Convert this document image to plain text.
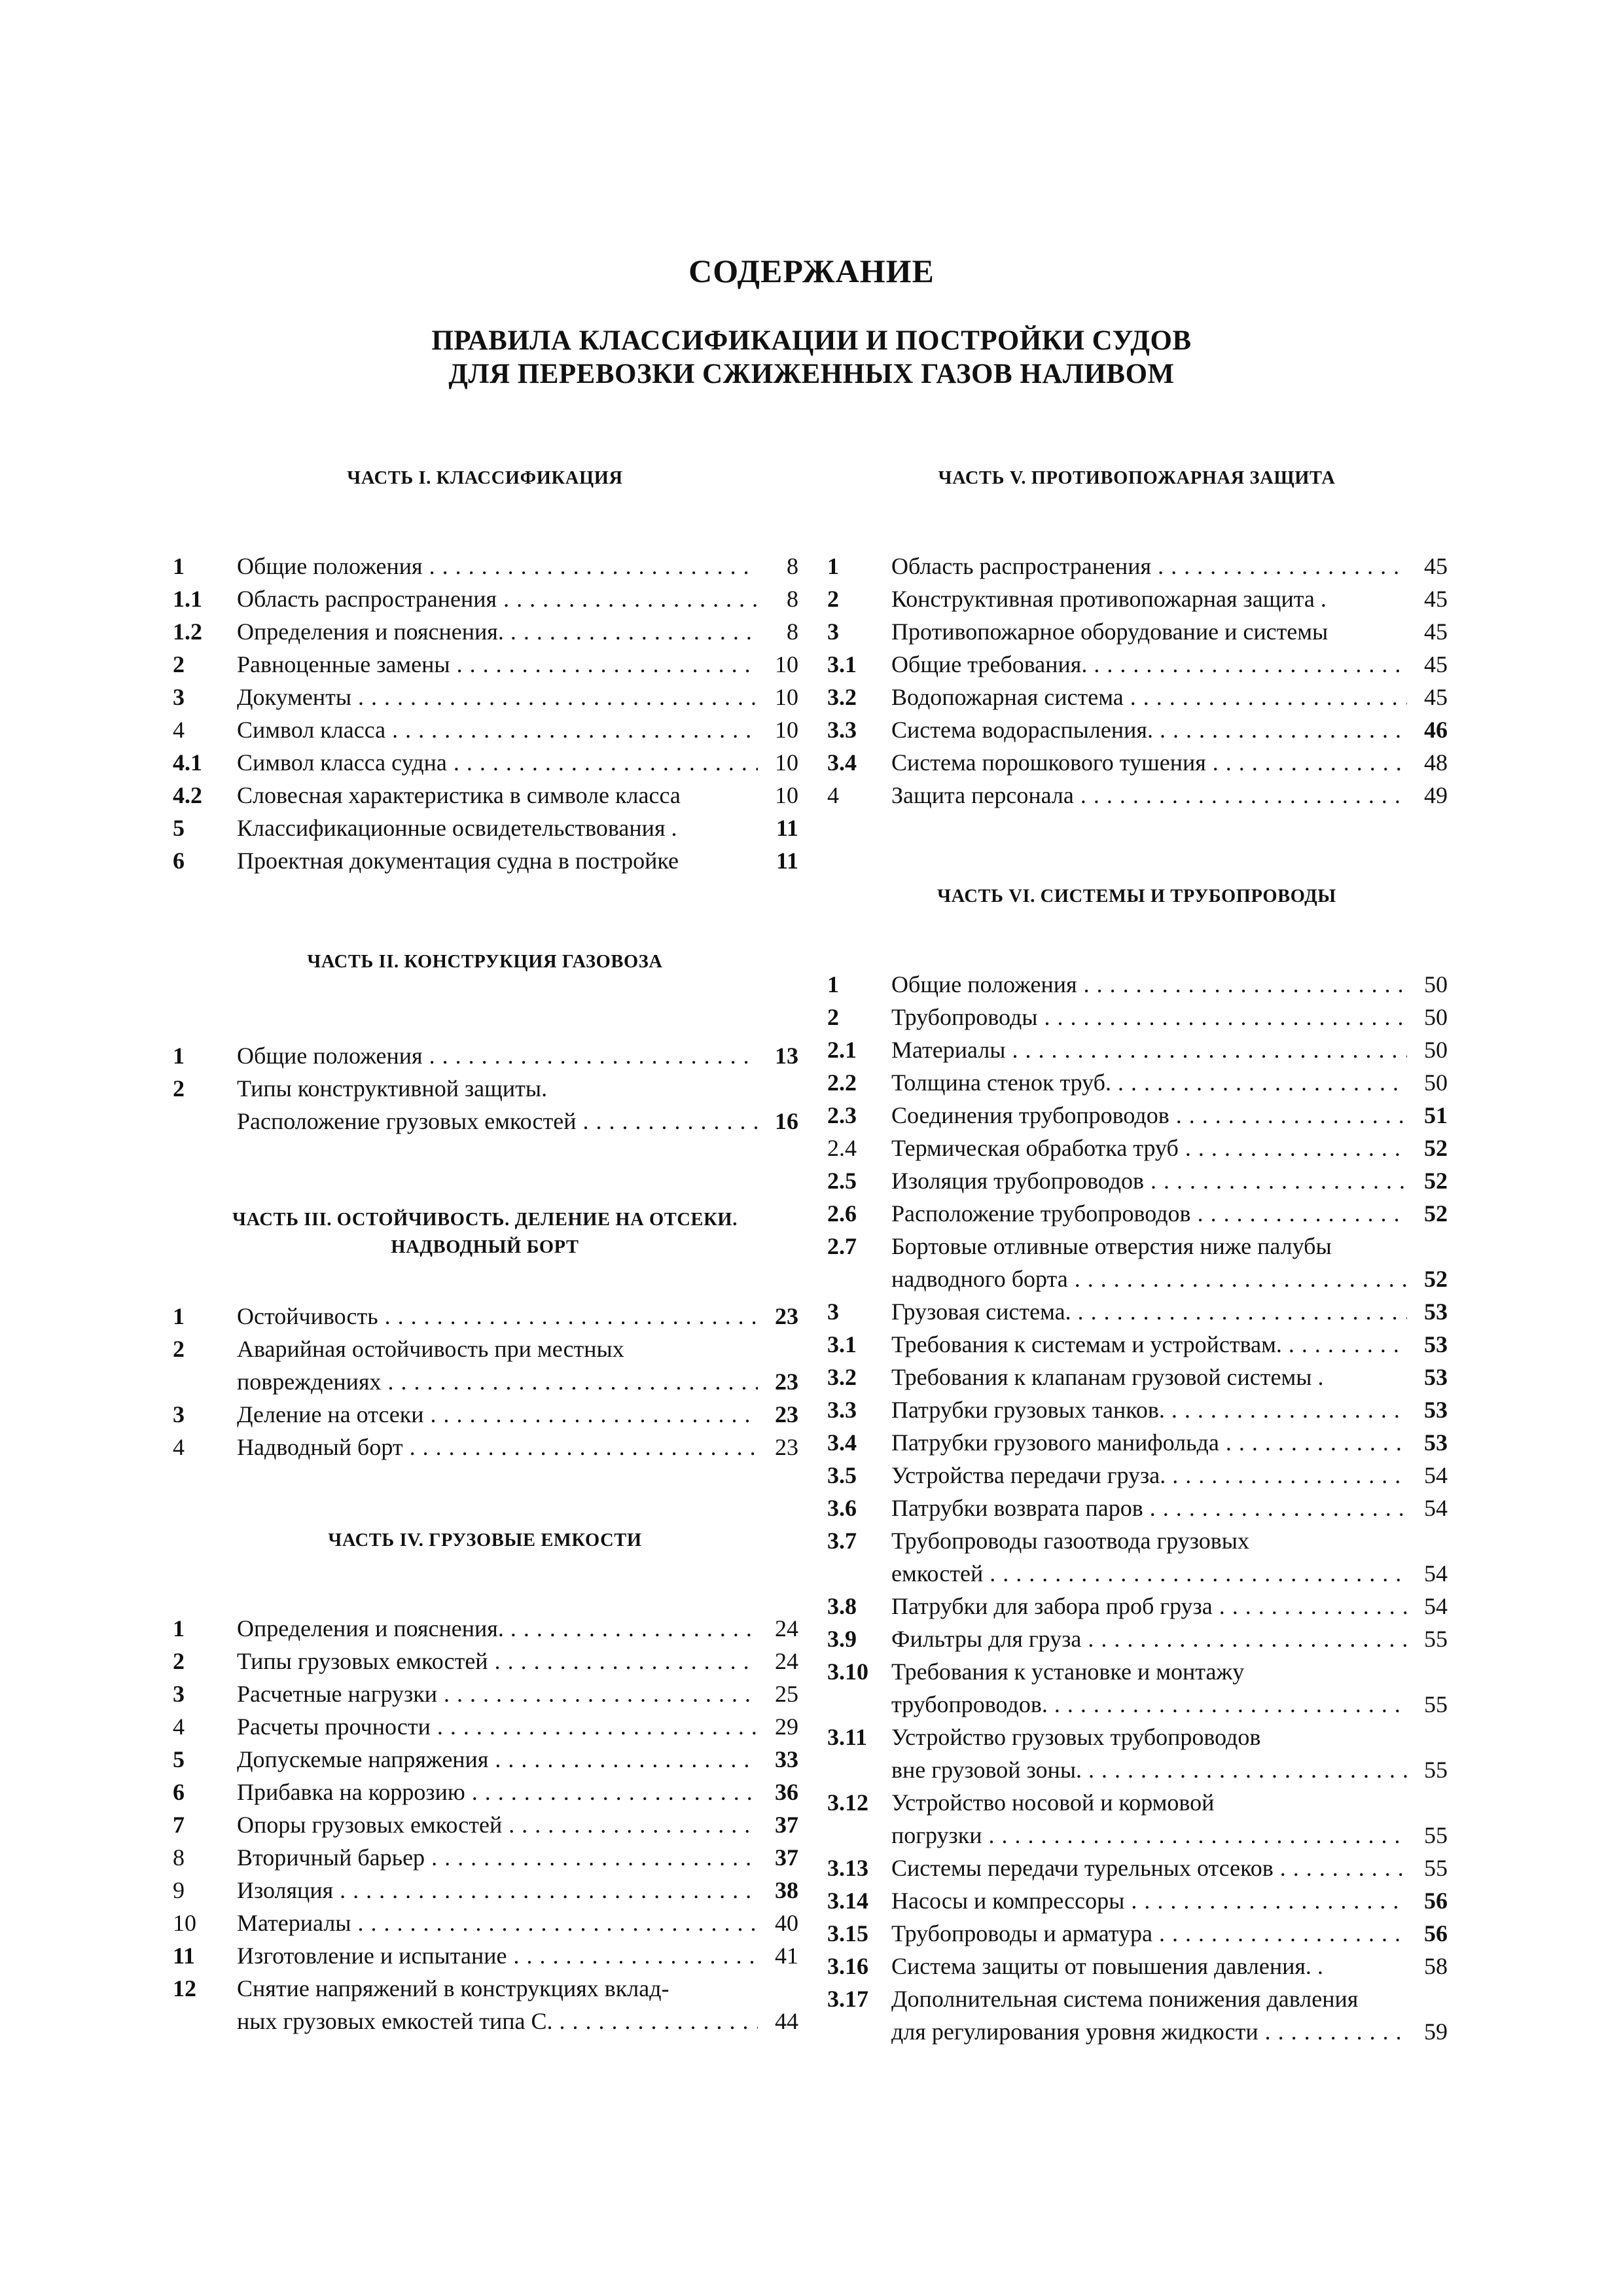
СОДЕРЖАНИЕ
ПРАВИЛА КЛАССИФИКАЦИИ И ПОСТРОЙКИ СУДОВ
ДЛЯ ПЕРЕВОЗКИ СЖИЖЕННЫХ ГАЗОВ НАЛИВОМ
ЧАСТЬ I. КЛАССИФИКАЦИЯ
1	Общие положения . . .	8
1.1	Область распространения . . .	8
1.2	Определения и пояснения. . . .	8
2	Равноценные замены . . .	10
3	Документы . . .	10
4	Символ класса . . .	10
4.1	Символ класса судна . . .	10
4.2	Словесная характеристика в символе класса	10
5	Классификационные освидетельствования .	11
6	Проектная документация судна в постройке	11
ЧАСТЬ II. КОНСТРУКЦИЯ ГАЗОВОЗА
1	Общие положения . . .	13
2	Типы конструктивной защиты.
Расположение грузовых емкостей . . .	16
ЧАСТЬ III. ОСТОЙЧИВОСТЬ. ДЕЛЕНИЕ НА ОТСЕКИ.
НАДВОДНЫЙ БОРТ
1	Остойчивость . . .	23
2	Аварийная остойчивость при местных
повреждениях . . .	23
3	Деление на отсеки . . .	23
4	Надводный борт . . .	23
ЧАСТЬ IV. ГРУЗОВЫЕ ЕМКОСТИ
1	Определения и пояснения. . . .	24
2	Типы грузовых емкостей . . .	24
3	Расчетные нагрузки . . .	25
4	Расчеты прочности . . .	29
5	Допускемые напряжения . . .	33
6	Прибавка на коррозию . . .	36
7	Опоры грузовых емкостей . . .	37
8	Вторичный барьер . . .	37
9	Изоляция . . .	38
10	Материалы . . .	40
11	Изготовление и испытание . . .	41
12	Снятие напряжений в конструкциях вклад-
ных грузовых емкостей типа С. . . .	44
ЧАСТЬ V. ПРОТИВОПОЖАРНАЯ ЗАЩИТА
1	Область распространения . . .	45
2	Конструктивная противопожарная защита .	45
3	Противопожарное оборудование и системы	45
3.1	Общие требования. . . .	45
3.2	Водопожарная система . . .	45
3.3	Система водораспыления. . . .	46
3.4	Система порошкового тушения . . .	48
4	Защита персонала . . .	49
ЧАСТЬ VI. СИСТЕМЫ И ТРУБОПРОВОДЫ
1	Общие положения . . .	50
2	Трубопроводы . . .	50
2.1	Материалы . . .	50
2.2	Толщина стенок труб. . . .	50
2.3	Соединения трубопроводов . . .	51
2.4	Термическая обработка труб . . .	52
2.5	Изоляция трубопроводов . . .	52
2.6	Расположение трубопроводов . . .	52
2.7	Бортовые отливные отверстия ниже палубы
надводного борта . . .	52
3	Грузовая система. . . .	53
3.1	Требования к системам и устройствам. . . .	53
3.2	Требования к клапанам грузовой системы .	53
3.3	Патрубки грузовых танков. . . .	53
3.4	Патрубки грузового манифольда . . .	53
3.5	Устройства передачи груза. . . .	54
3.6	Патрубки возврата паров . . .	54
3.7	Трубопроводы газоотвода грузовых
емкостей . . .	54
3.8	Патрубки для забора проб груза . . .	54
3.9	Фильтры для груза . . .	55
3.10 Требования к установке и монтажу
трубопроводов. . . .	55
3.11	Устройство грузовых трубопроводов
вне грузовой зоны. . . .	55
3.12 Устройство носовой и кормовой
погрузки . . .	55
3.13 Системы передачи турельных отсеков . . .	55
3.14 Насосы и компрессоры . . .	56
3.15 Трубопроводы и арматура . . .	56
3.16 Система защиты от повышения давления. .	58
3.17 Дополнительная система понижения давления
для регулирования уровня жидкости . . .	59
